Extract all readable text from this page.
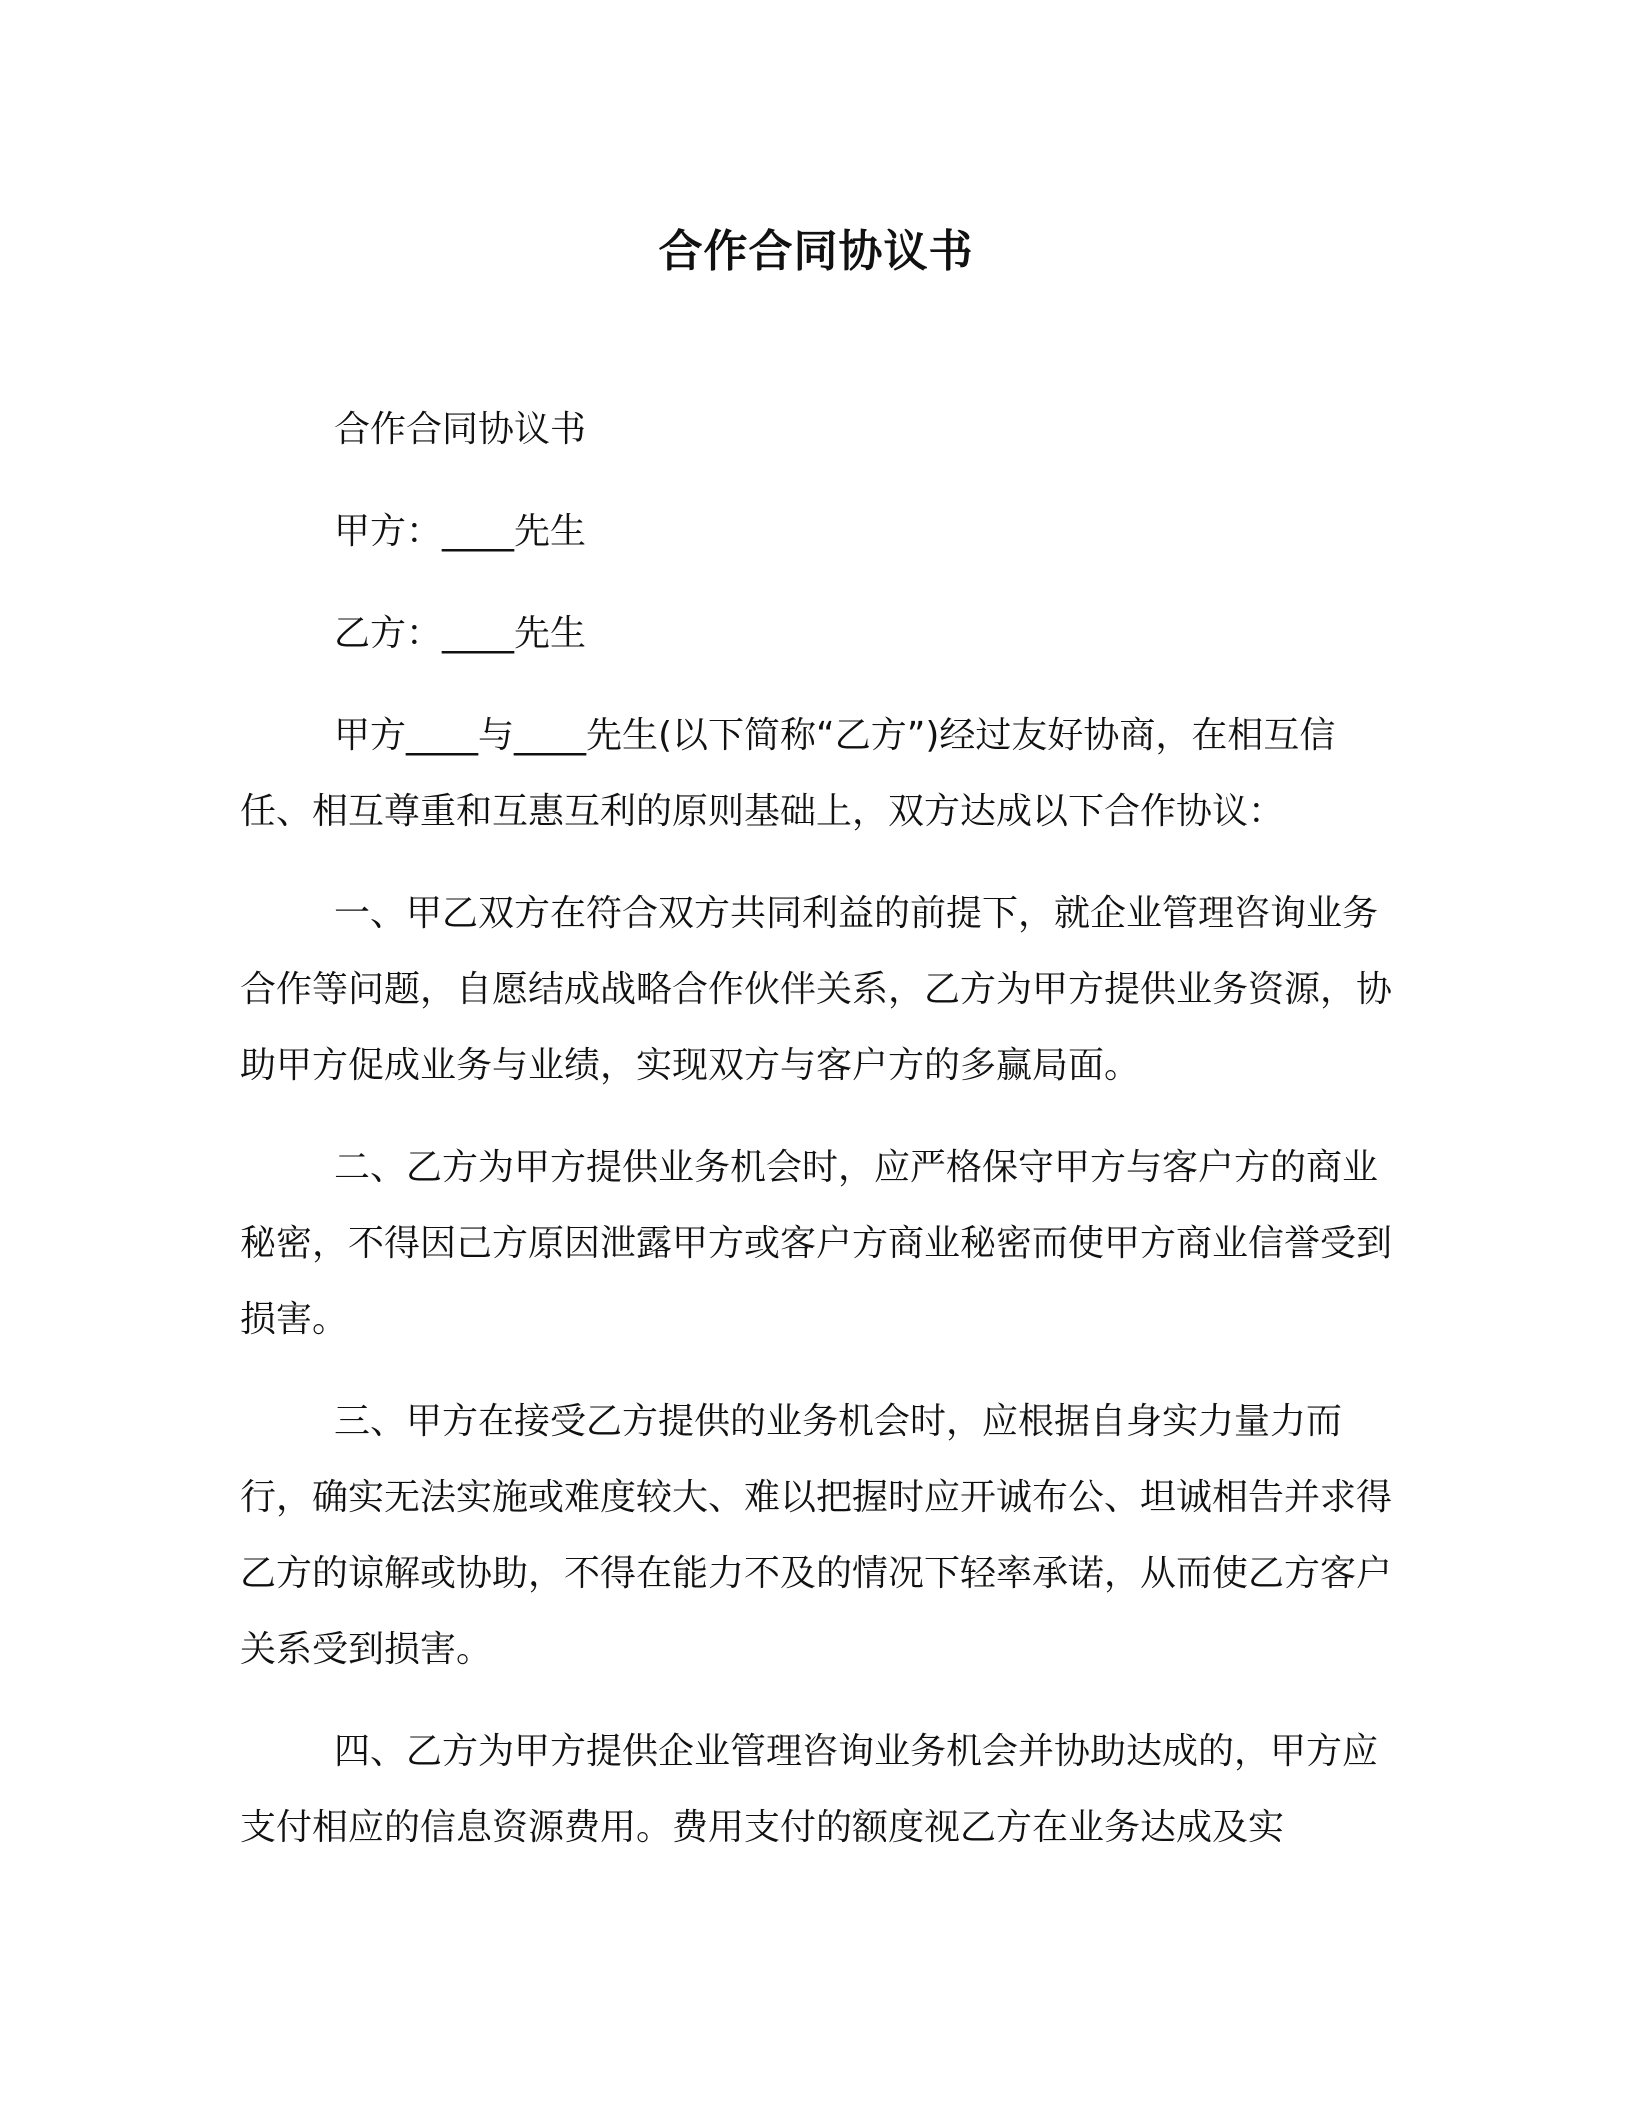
合作合同协议书

合作合同协议书

甲方：____先生

乙方：____先生

甲方____与____先生(以下简称“乙方”)经过友好协商，在相互信任、相互尊重和互惠互利的原则基础上，双方达成以下合作协议：

一、甲乙双方在符合双方共同利益的前提下，就企业管理咨询业务合作等问题，自愿结成战略合作伙伴关系，乙方为甲方提供业务资源，协助甲方促成业务与业绩，实现双方与客户方的多赢局面。

二、乙方为甲方提供业务机会时，应严格保守甲方与客户方的商业秘密，不得因己方原因泄露甲方或客户方商业秘密而使甲方商业信誉受到损害。

三、甲方在接受乙方提供的业务机会时，应根据自身实力量力而行，确实无法实施或难度较大、难以把握时应开诚布公、坦诚相告并求得乙方的谅解或协助，不得在能力不及的情况下轻率承诺，从而使乙方客户关系受到损害。

四、乙方为甲方提供企业管理咨询业务机会并协助达成的，甲方应支付相应的信息资源费用。费用支付的额度视乙方在业务达成及实
